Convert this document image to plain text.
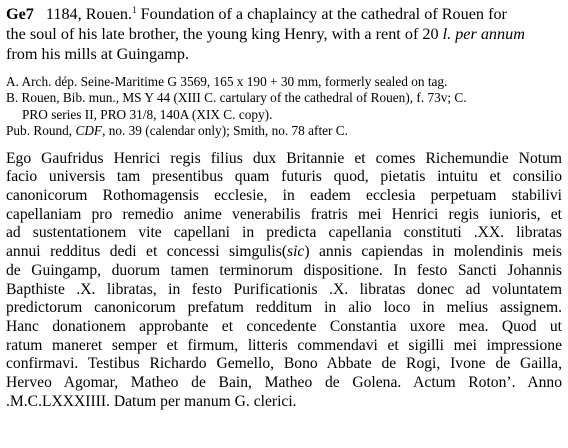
Ge7 1184, Rouen.$^1$ Foundation of a chaplaincy at the cathedral of Rouen for

the soul of his late brother, the young king Henry, with a rent of 20 l. per annum

from his mills at Guingamp.

A. Arch. dép. Seine-Maritime G 3569, 165 x 190 + 30 mm, formerly sealed on tag.

B. Rouen, Bib. mun., MS Y 44 (XIII C. cartulary of the cathedral of Rouen), f. 73v; C.

PRO series II, PRO 31/8, 140A (XIX C. copy).

Pub. Round, CDF, no. 39 (calendar only); Smith, no. 78 after C.

Ego Gaufridus Henrici regis filius dux Britannie et comes Richemundie Notum

facio universis tam presentibus quam futuris quod, pietatis intuitu et consilio

canonicorum Rothomagensis ecclesie, in eadem ecclesia perpetuam stabilivi

capellaniam pro remedio anime venerabilis fratris mei Henrici regis iunioris, et

ad sustentationem vite capellani in predicta capellania constituti .XX. libratas

annui redditus dedi et concessi simgulis(sic) annis capiendas in molendinis meis

de Guingamp, duorum tamen terminorum dispositione. In festo Sancti Johannis

Bapthiste .X. libratas, in festo Purificationis .X. libratas donec ad voluntatem

predictorum canonicorum prefatum redditum in alio loco in melius assignem.

Hanc donationem approbante et concedente Constantia uxore mea. Quod ut

ratum maneret semper et firmum, litteris commendavi et sigilli mei impressione

confirmavi. Testibus Richardo Gemello, Bono Abbate de Rogi, Ivone de Gailla,

Herveo Agomar, Matheo de Bain, Matheo de Golena. Actum Roton’. Anno

.M.C.LXXXIIII. Datum per manum G. clerici.
